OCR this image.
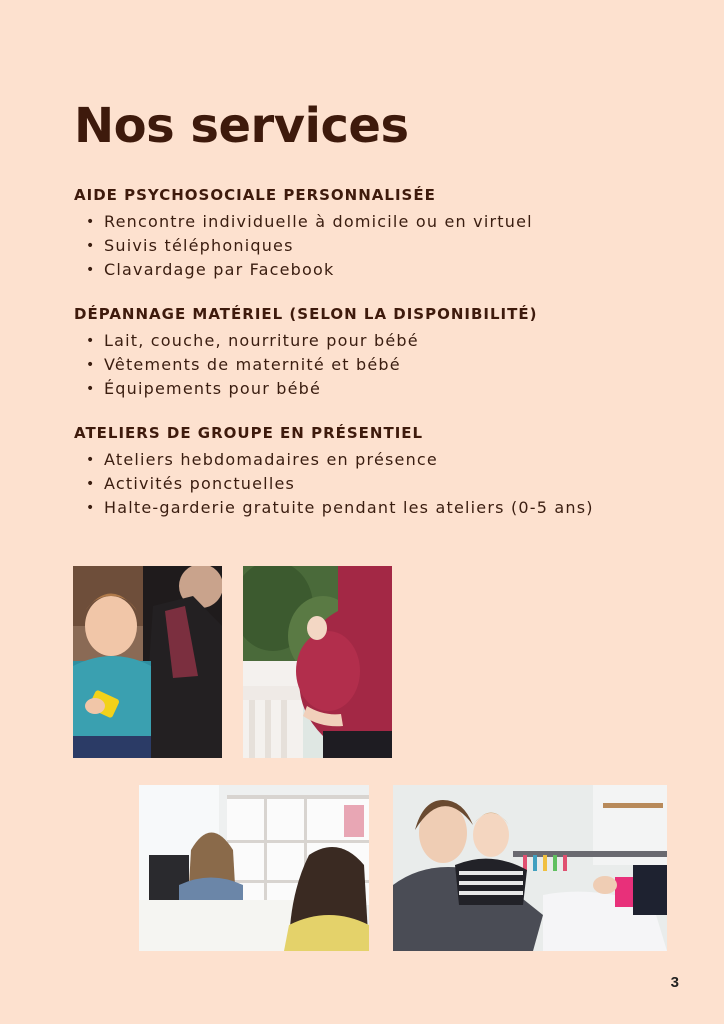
Nos services
AIDE PSYCHOSOCIALE PERSONNALISÉE
• Rencontre individuelle à domicile ou en virtuel
• Suivis téléphoniques
• Clavardage par Facebook
DÉPANNAGE MATÉRIEL (SELON LA DISPONIBILITÉ)
• Lait, couche, nourriture pour bébé
• Vêtements de maternité et bébé
• Équipements pour bébé
ATELIERS DE GROUPE EN PRÉSENTIEL
• Ateliers hebdomadaires en présence
• Activités ponctuelles
• Halte-garderie gratuite pendant les ateliers (0-5 ans)
3
